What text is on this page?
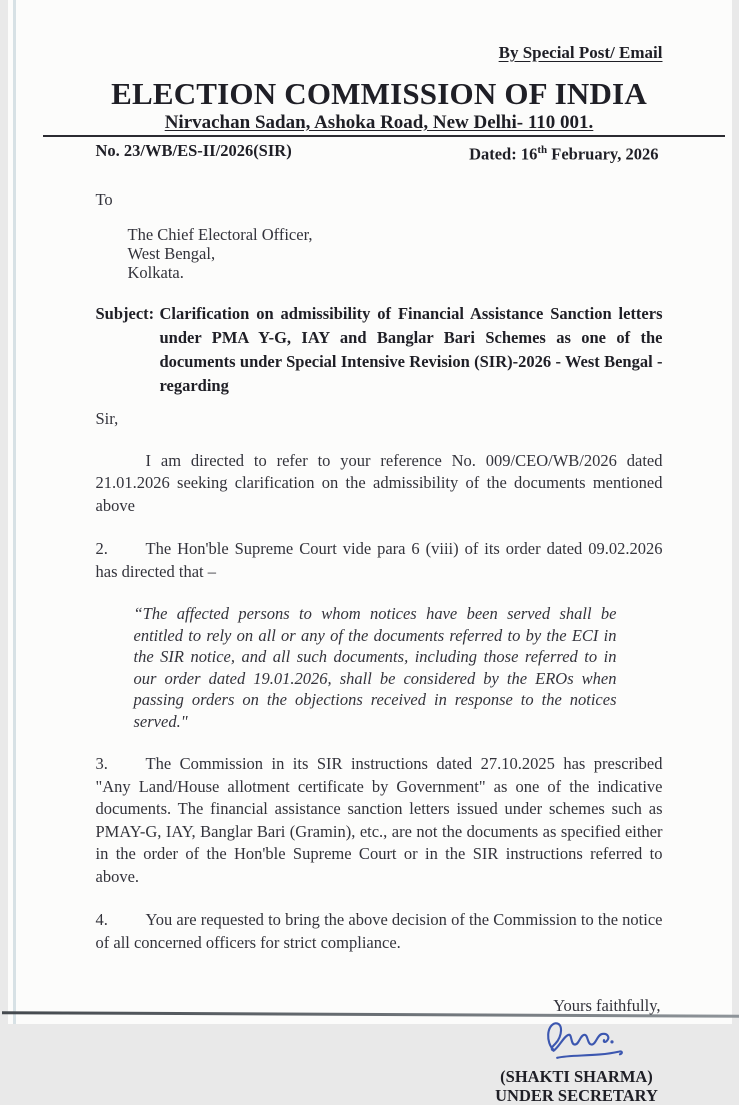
By Special Post/ Email
ELECTION COMMISSION OF INDIA
Nirvachan Sadan, Ashoka Road, New Delhi- 110 001.
No. 23/WB/ES-II/2026(SIR)	Dated: 16th February, 2026
To
The Chief Electoral Officer,
West Bengal,
Kolkata.

Subject: Clarification on admissibility of Financial Assistance Sanction letters under PMA Y-G, IAY and Banglar Bari Schemes as one of the documents under Special Intensive Revision (SIR)-2026 - West Bengal - regarding

Sir,

I am directed to refer to your reference No. 009/CEO/WB/2026 dated 21.01.2026 seeking clarification on the admissibility of the documents mentioned above

2. The Hon'ble Supreme Court vide para 6 (viii) of its order dated 09.02.2026 has directed that –

“The affected persons to whom notices have been served shall be entitled to rely on all or any of the documents referred to by the ECI in the SIR notice, and all such documents, including those referred to in our order dated 19.01.2026, shall be considered by the EROs when passing orders on the objections received in response to the notices served."

3. The Commission in its SIR instructions dated 27.10.2025 has prescribed "Any Land/House allotment certificate by Government" as one of the indicative documents. The financial assistance sanction letters issued under schemes such as PMAY-G, IAY, Banglar Bari (Gramin), etc., are not the documents as specified either in the order of the Hon'ble Supreme Court or in the SIR instructions referred to above.

4. You are requested to bring the above decision of the Commission to the notice of all concerned officers for strict compliance.

Yours faithfully,
(SHAKTI SHARMA)
UNDER SECRETARY
